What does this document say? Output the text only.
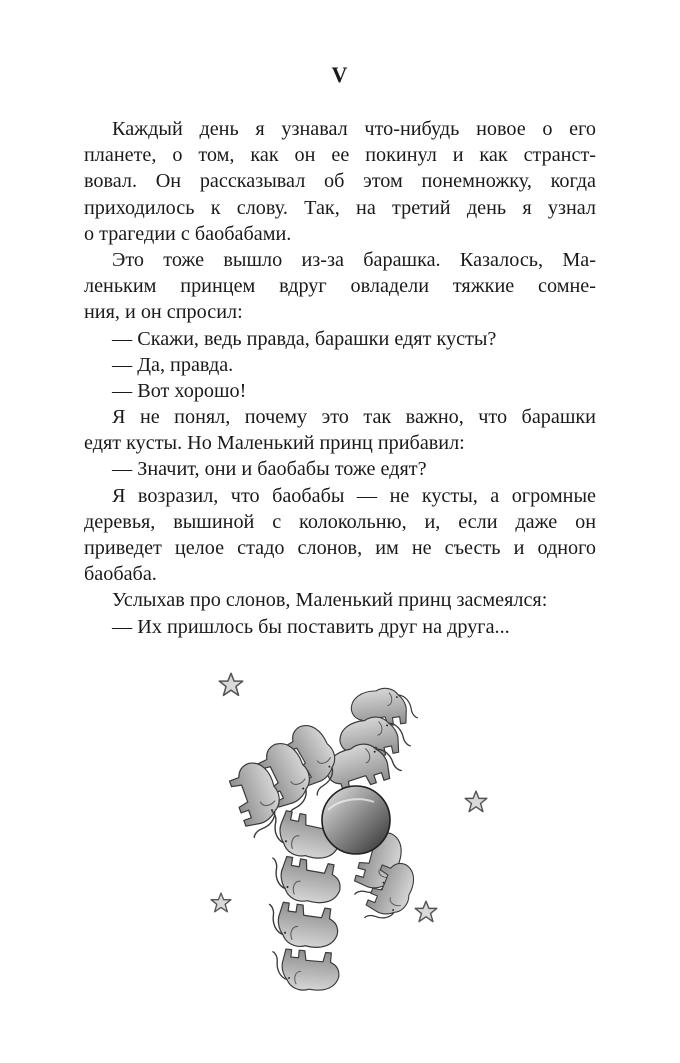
V
Каждый день я узнавал что-нибудь новое о его
планете, о том, как он ее покинул и как странст-
вовал. Он рассказывал об этом понемножку, когда
приходилось к слову. Так, на третий день я узнал
о трагедии с баобабами.
Это тоже вышло из-за барашка. Казалось, Ма-
леньким принцем вдруг овладели тяжкие сомне-
ния, и он спросил:
— Скажи, ведь правда, барашки едят кусты?
— Да, правда.
— Вот хорошо!
Я не понял, почему это так важно, что барашки
едят кусты. Но Маленький принц прибавил:
— Значит, они и баобабы тоже едят?
Я возразил, что баобабы — не кусты, а огромные
деревья, вышиной с колокольню, и, если даже он
приведет целое стадо слонов, им не съесть и одного
баобаба.
Услыхав про слонов, Маленький принц засмеялся:
— Их пришлось бы поставить друг на друга...
